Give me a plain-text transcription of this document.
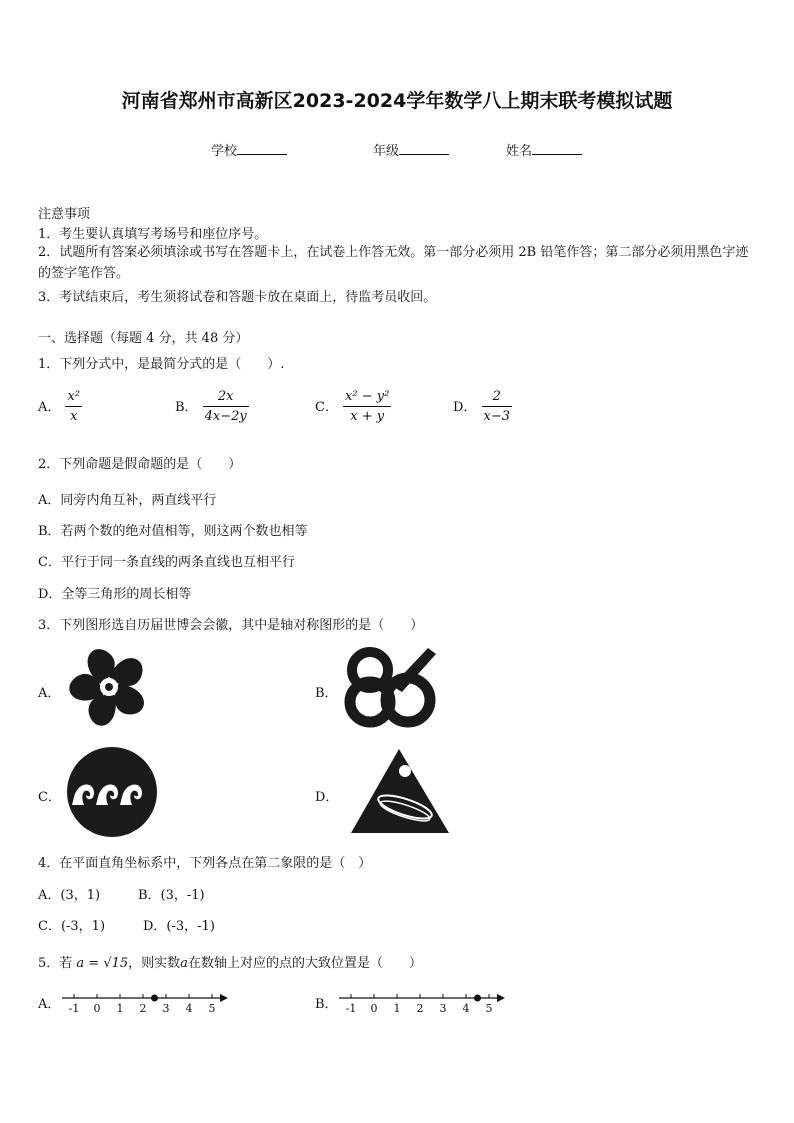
河南省郑州市高新区2023-2024学年数学八上期末联考模拟试题
学校	年级	姓名
注意事项
1．考生要认真填写考场号和座位序号。
2．试题所有答案必须填涂或书写在答题卡上，在试卷上作答无效。第一部分必须用 2B 铅笔作答；第二部分必须用黑色字迹的签字笔作答。
3．考试结束后，考生须将试卷和答题卡放在桌面上，待监考员收回。
一、选择题（每题 4 分，共 48 分）
1．下列分式中，是最简分式的是（　　）.
A． $\frac{\text{x²}}{x}$	B． $\frac{2x}{4x-2y}$	C． $\frac{\text{x² − y²}}{x + y}$	D． $\frac{2}{x-3}$
2．下列命题是假命题的是（　　）
A．同旁内角互补，两直线平行
B．若两个数的绝对值相等，则这两个数也相等
C．平行于同一条直线的两条直线也互相平行
D．全等三角形的周长相等
3．下列图形选自历届世博会会徽，其中是轴对称图形的是（　　）
A．	B．
C．	D．
4．在平面直角坐标系中，下列各点在第二象限的是（　）
A．(3，1)	B．(3，-1)
C．(-3，1)	D．(-3，-1)
5．若 a = √15，则实数a在数轴上对应的点的大致位置是（　　）
A． -1 0 1 2 3 4 5	B． -1 0 1 2 3 4 5
